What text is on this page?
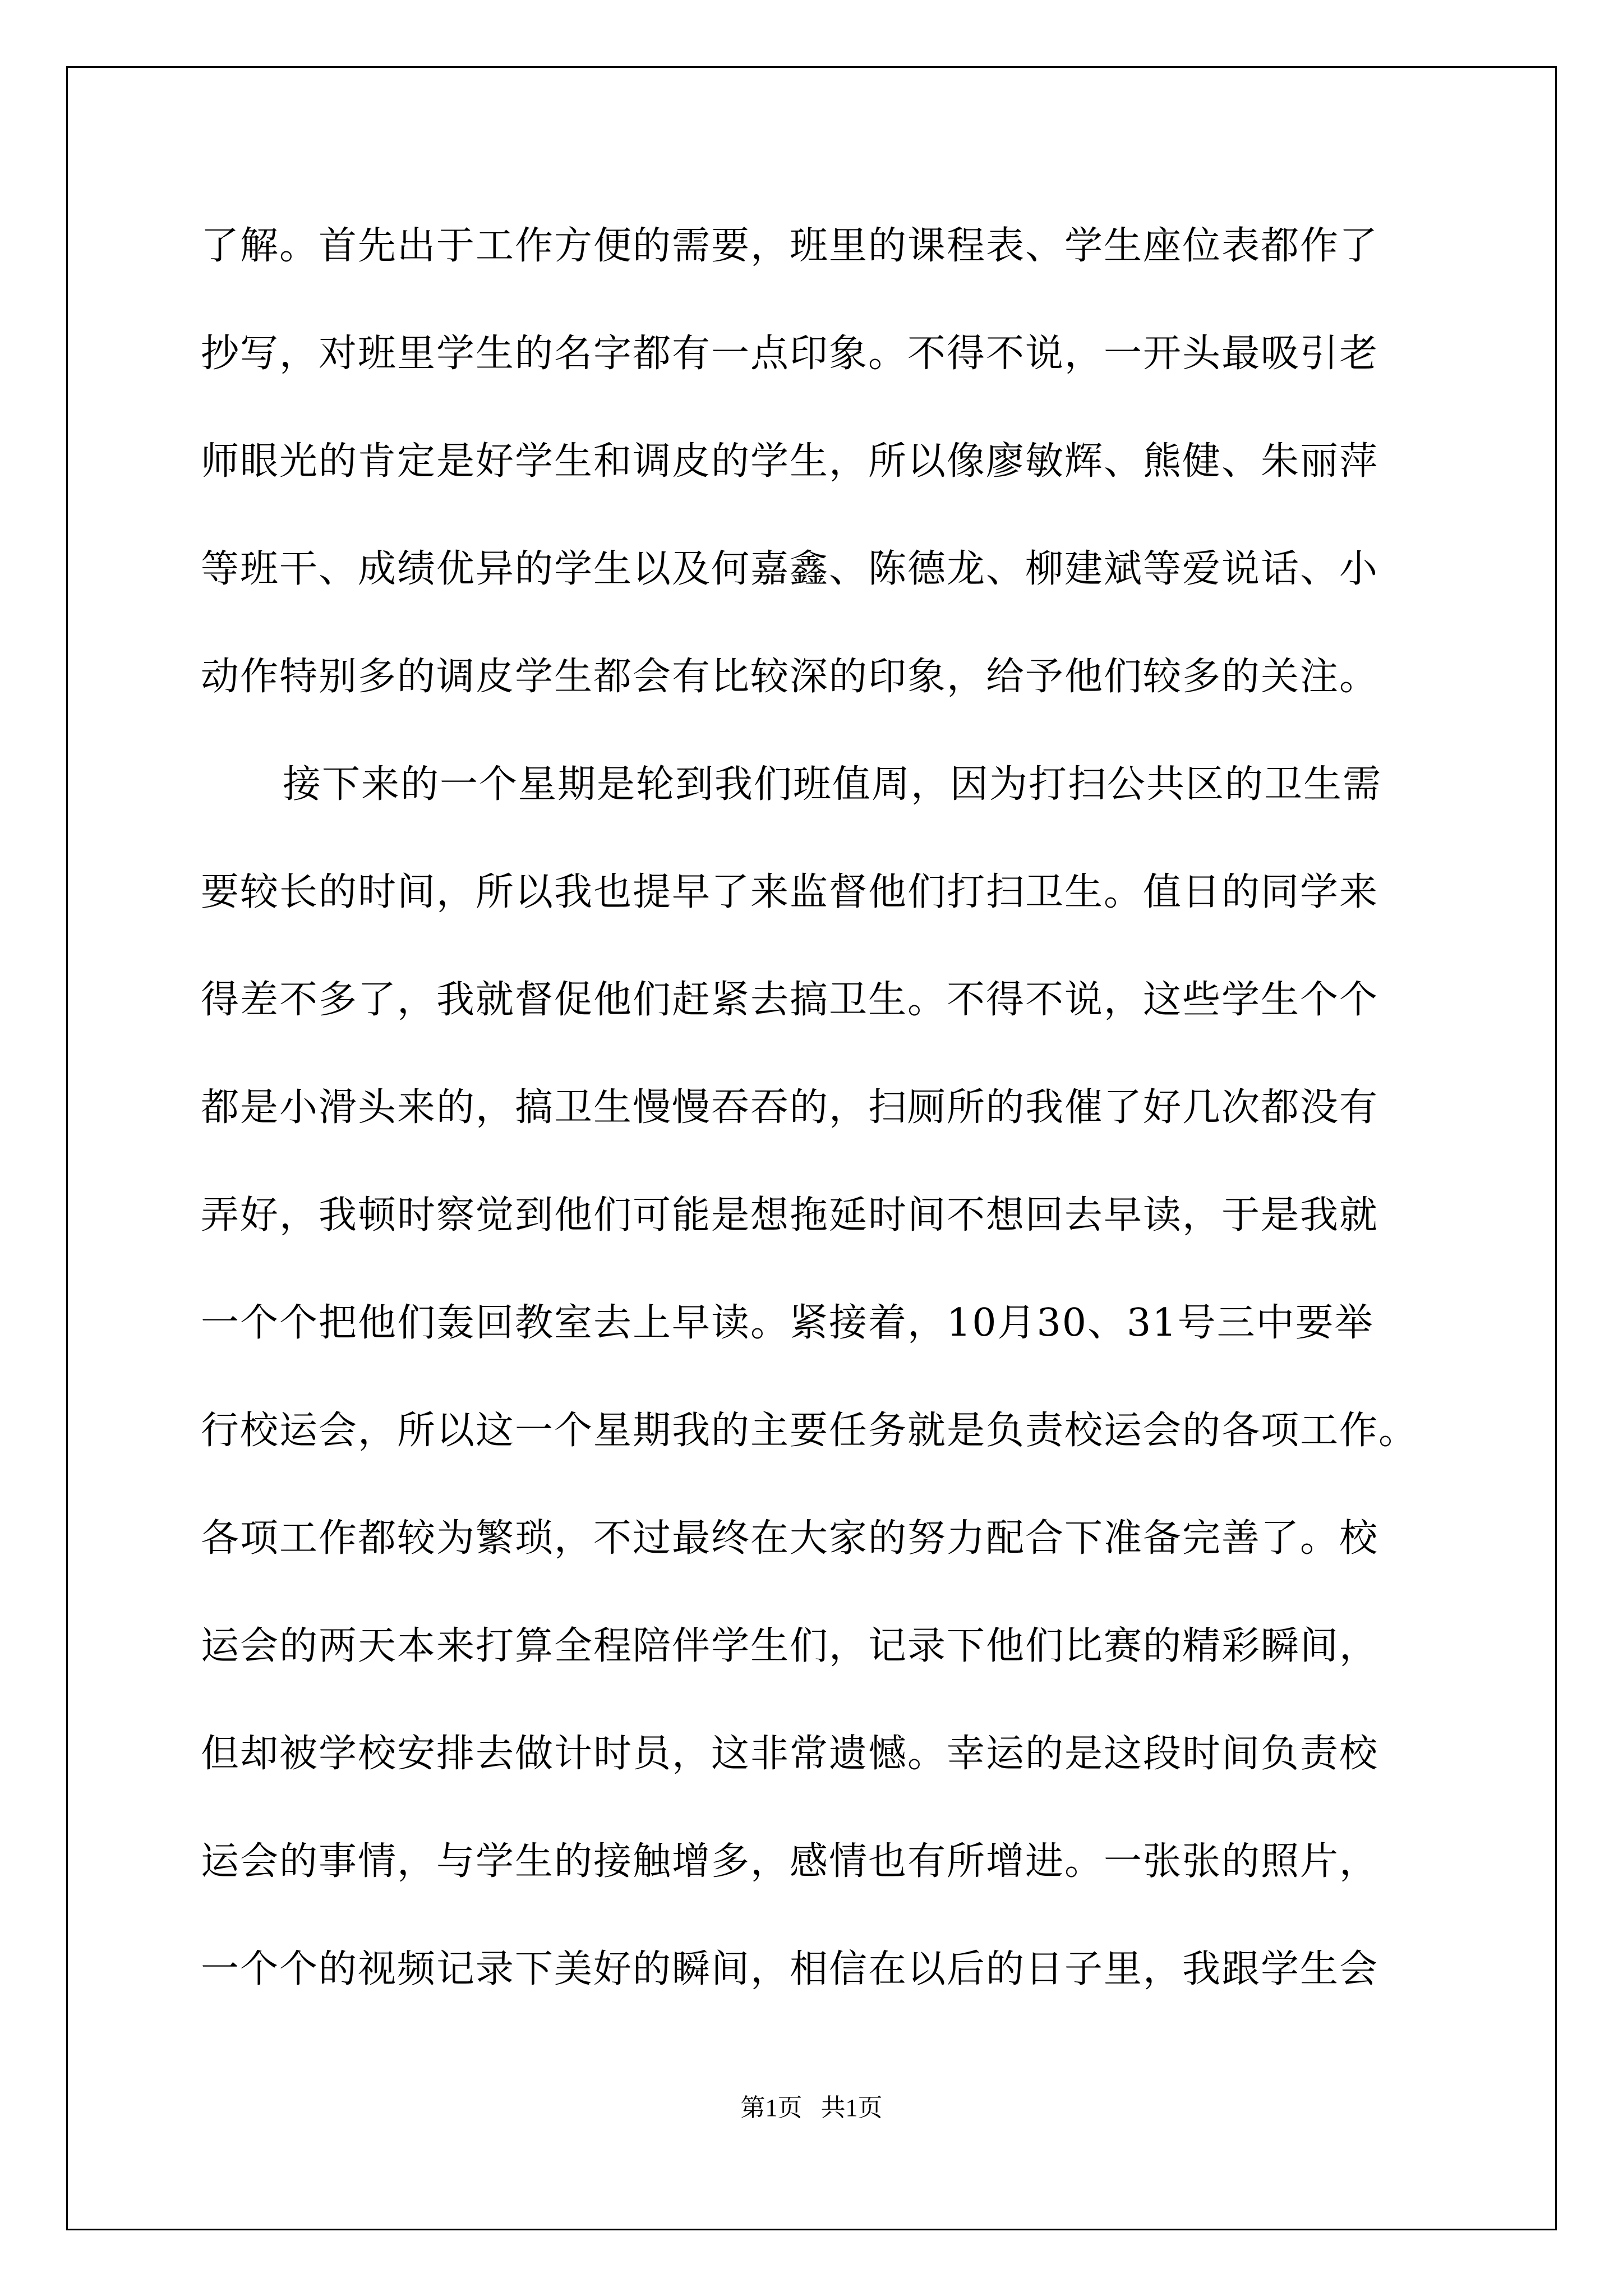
了解。首先出于工作方便的需要，班里的课程表、学生座位表都作了
抄写，对班里学生的名字都有一点印象。不得不说，一开头最吸引老
师眼光的肯定是好学生和调皮的学生，所以像廖敏辉、熊健、朱丽萍
等班干、成绩优异的学生以及何嘉鑫、陈德龙、柳建斌等爱说话、小
动作特别多的调皮学生都会有比较深的印象，给予他们较多的关注。
接下来的一个星期是轮到我们班值周，因为打扫公共区的卫生需
要较长的时间，所以我也提早了来监督他们打扫卫生。值日的同学来
得差不多了，我就督促他们赶紧去搞卫生。不得不说，这些学生个个
都是小滑头来的，搞卫生慢慢吞吞的，扫厕所的我催了好几次都没有
弄好，我顿时察觉到他们可能是想拖延时间不想回去早读，于是我就
一个个把他们轰回教室去上早读。紧接着，10月30、31号三中要举
行校运会，所以这一个星期我的主要任务就是负责校运会的各项工作。
各项工作都较为繁琐，不过最终在大家的努力配合下准备完善了。校
运会的两天本来打算全程陪伴学生们，记录下他们比赛的精彩瞬间，
但却被学校安排去做计时员，这非常遗憾。幸运的是这段时间负责校
运会的事情，与学生的接触增多，感情也有所增进。一张张的照片，
一个个的视频记录下美好的瞬间，相信在以后的日子里，我跟学生会
第1页   共1页
